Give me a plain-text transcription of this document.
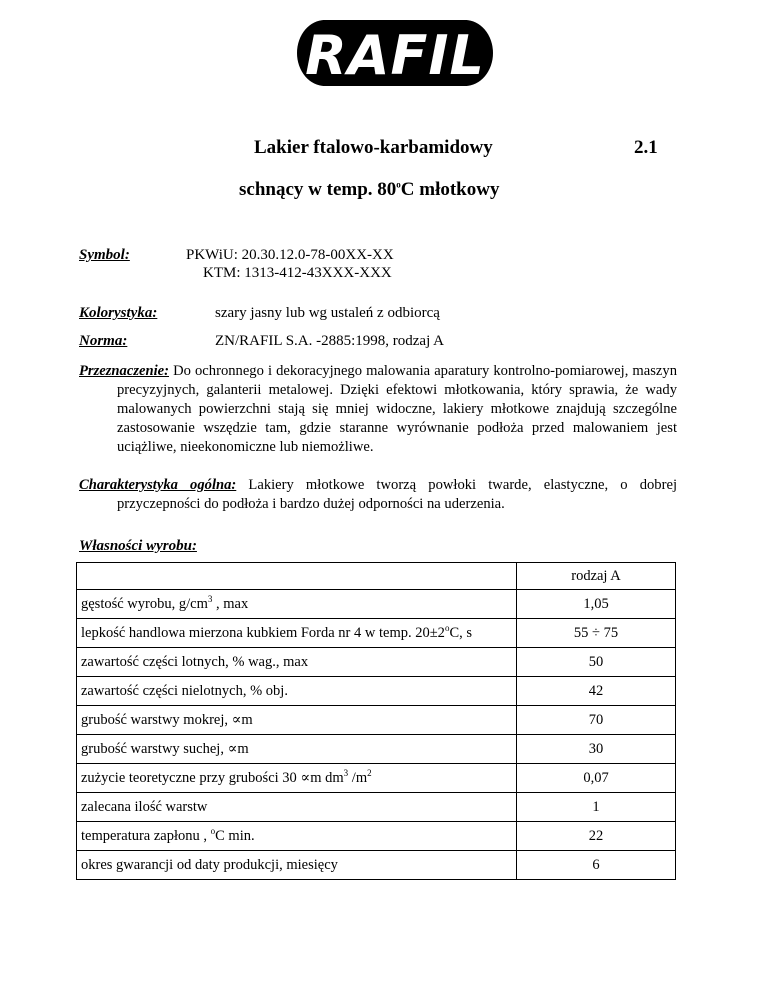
RAFIL
Lakier ftalowo-karbamidowy	2.1
schnący w temp. 80$^o$C młotkowy
Symbol:	PKWiU: 20.30.12.0-78-00XX-XX
KTM: 1313-412-43XXX-XXX
Kolorystyka:	szary jasny lub wg ustaleń z odbiorcą
Norma:	ZN/RAFIL S.A. -2885:1998, rodzaj A
Przeznaczenie: Do ochronnego i dekoracyjnego malowania aparatury kontrolno-pomiarowej, maszyn precyzyjnych, galanterii metalowej. Dzięki efektowi młotkowania, który sprawia, że wady malowanych powierzchni stają się mniej widoczne, lakiery młotkowe znajdują szczególne zastosowanie wszędzie tam, gdzie staranne wyrównanie podłoża przed malowaniem jest uciążliwe, nieekonomiczne lub niemożliwe.
Charakterystyka ogólna: Lakiery młotkowe tworzą powłoki twarde, elastyczne, o dobrej przyczepności do podłoża i bardzo dużej odporności na uderzenia.
Własności wyrobu:
	rodzaj A
gęstość wyrobu, $g/cm^3$ , max	1,05
lepkość handlowa mierzona kubkiem Forda nr 4 w temp. $20\pm 2^oC$, s	55 ÷ 75
zawartość części lotnych, % wag., max	50
zawartość części nielotnych, % obj.	42
grubość warstwy mokrej, ∝m	70
grubość warstwy suchej, ∝m	30
zużycie teoretyczne przy grubości 30 ∝m $dm^3$ $/m^2$	0,07
zalecana ilość warstw	1
temperatura zapłonu , $^o$C min.	22
okres gwarancji od daty produkcji, miesięcy	6
